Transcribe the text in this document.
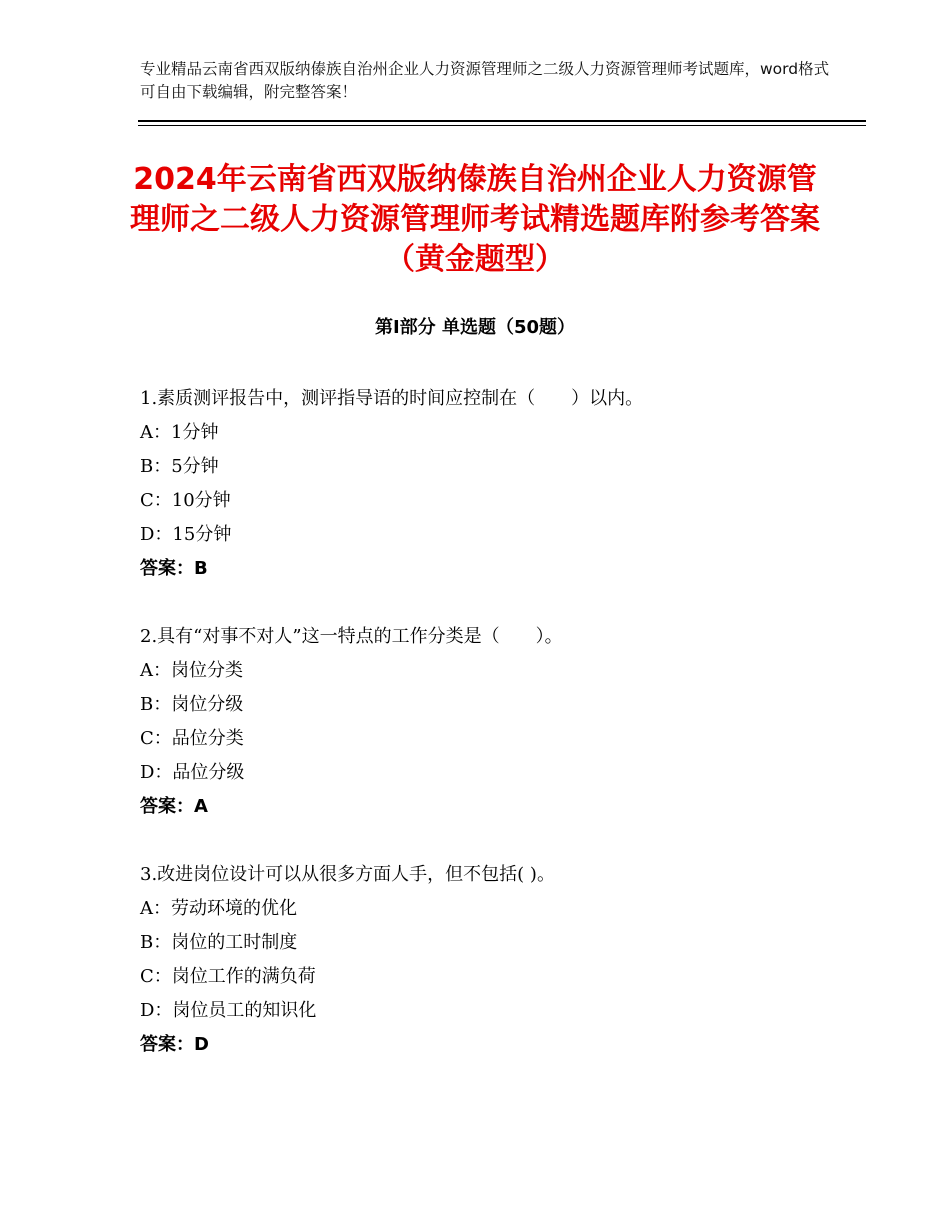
专业精品云南省西双版纳傣族自治州企业人力资源管理师之二级人力资源管理师考试题库，word格式可自由下载编辑，附完整答案！
2024年云南省西双版纳傣族自治州企业人力资源管理师之二级人力资源管理师考试精选题库附参考答案（黄金题型）
第Ⅰ部分 单选题（50题）
1.素质测评报告中，测评指导语的时间应控制在（　　）以内。
A：1分钟
B：5分钟
C：10分钟
D：15分钟
答案：B
2.具有“对事不对人”这一特点的工作分类是（　　）。
A：岗位分类
B：岗位分级
C：品位分类
D：品位分级
答案：A
3.改进岗位设计可以从很多方面人手，但不包括( )。
A：劳动环境的优化
B：岗位的工时制度
C：岗位工作的满负荷
D：岗位员工的知识化
答案：D
